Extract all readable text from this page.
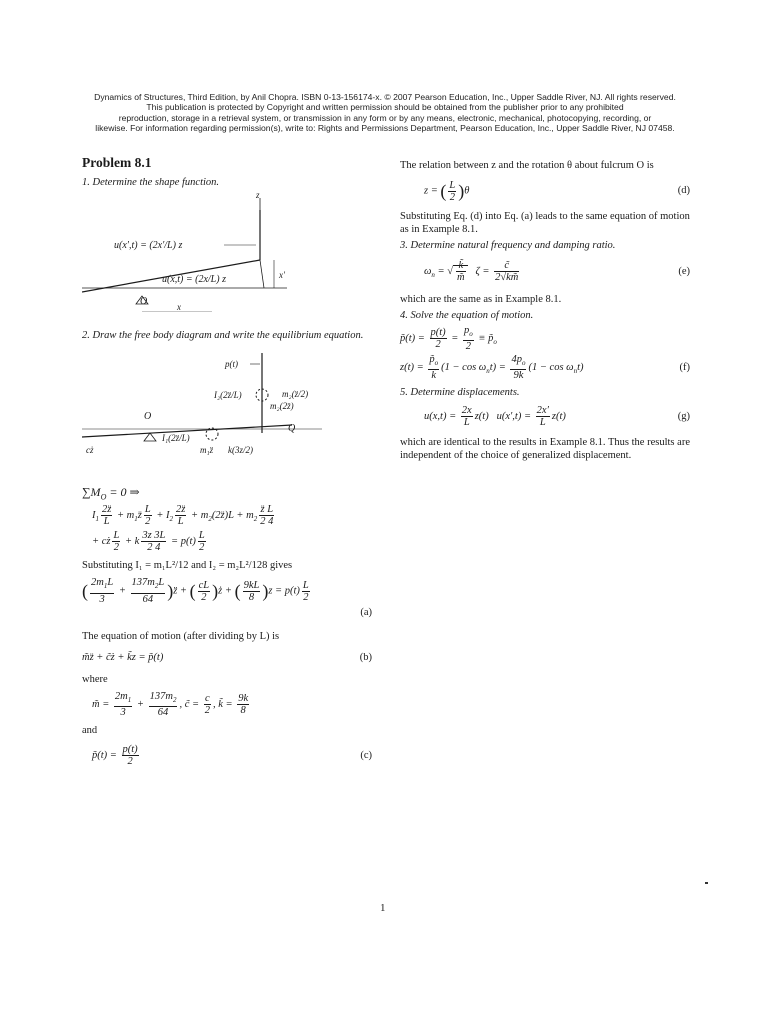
Dynamics of Structures, Third Edition, by Anil Chopra. ISBN 0-13-156174-x. © 2007 Pearson Education, Inc., Upper Saddle River, NJ. All rights reserved.
This publication is protected by Copyright and written permission should be obtained from the publisher prior to any prohibited
reproduction, storage in a retrieval system, or transmission in any form or by any means, electronic, mechanical, photocopying, recording, or
likewise. For information regarding permission(s), write to: Rights and Permissions Department, Pearson Education, Inc., Upper Saddle River, NJ 07458.
Problem 8.1
1. Determine the shape function.
z
x′
u(x′,t) = (2x′/L) z
u(x,t) = (2x/L) z
O	x
2. Draw the free body diagram and write the equilibrium equation.
p(t)
I₂(2z̈/L)	m₂(z̈/2)
m₂(2z̈)
O
Q
I₁(2z̈/L)
cż	m₁z̈ k(3z/2)
$\sum M_O = 0$ ⇒
$I_1 \frac{2z̈}{L}$ + $m_1z̈ \frac{L}{2} + I_2 \frac{2z̈}{L}$ + $m_2(2z̈)L + m_2 \frac{z̈ L}{2 4}$
+ cż $\frac{L}{2} + k \frac{3z 3L}{2 4} = p(t) \frac{L}{2}$
Substituting I₁ = m₁L²/12 and I₂ = m₂L²/128 gives
( $\frac{2m_1L}{3} + \frac{137m_2L}{64}$ )z̈ + ( $\frac{cL}{2}$ )ż + ( $\frac{9kL}{8} )z = p(t) \frac{L}{2}$
(a)
The equation of motion (after dividing by L) is
m̃z̈ + c̃ż + k̃z = p̃(t)	(b)
where
m̃ = $\frac{2m_1}{3} + \frac{137m_2}{64}$ , c̃ = $\frac{c}{2}$ , k̃ = $\frac{9k}{8}$
and
p̃(t) = $\frac{p(t)}{2}$	(c)
The relation between z and the rotation θ about fulcrum O is
z = ( $\frac{L}{2} )\theta$	(d)
Substituting Eq. (d) into Eq. (a) leads to the same equation of motion as in Example 8.1.
3. Determine natural frequency and damping ratio.
$\omega_n$ = √ $\frac{k̃}{m̃}$ $\zeta = \frac{c̃}{2√k̃m̃}$	(e)
which are the same as in Example 8.1.
4. Solve the equation of motion.
p̃(t) = $\frac{p(t)}{2} = \frac{p_o}{2}$ ≡ $p̃_o$
$z(t) = \frac{p̃_o}{k̃} (1 - \cos \omega_nt) = \frac{4p_o}{9k} (1 - \cos \omega_nt)$	(f)
5. Determine displacements.
$u(x,t) = \frac{2x}{L} z(t) u(x',t) = \frac{2x'}{L} z(t)$	(g)
which are identical to the results in Example 8.1. Thus the results are independent of the choice of generalized displacement.
1
